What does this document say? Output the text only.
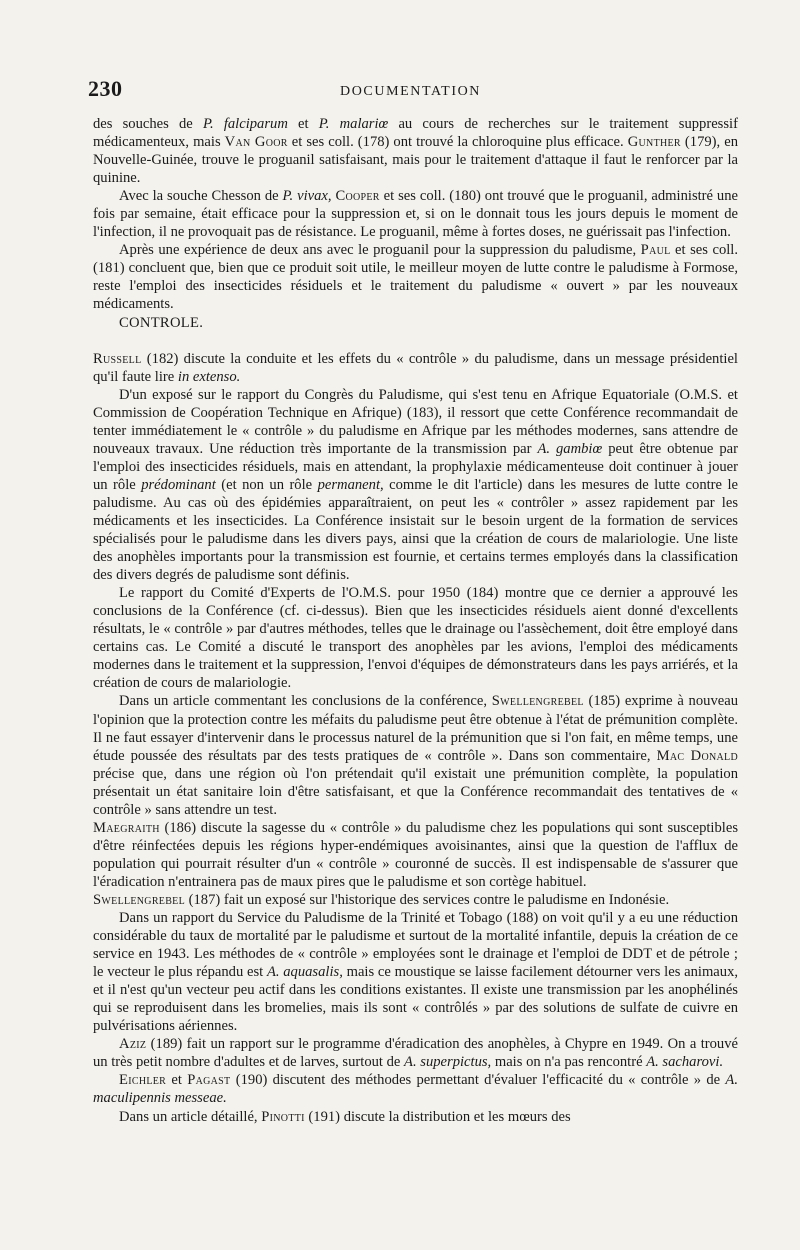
230	DOCUMENTATION

des souches de P. falciparum et P. malariœ au cours de recherches sur le traitement suppressif médicamenteux, mais Van Goor et ses coll. (178) ont trouvé la chloroquine plus efficace. Gunther (179), en Nouvelle-Guinée, trouve le proguanil satisfaisant, mais pour le traitement d'attaque il faut le renforcer par la quinine.

Avec la souche Chesson de P. vivax, Cooper et ses coll. (180) ont trouvé que le proguanil, administré une fois par semaine, était efficace pour la suppression et, si on le donnait tous les jours depuis le moment de l'infection, il ne provoquait pas de résistance. Le proguanil, même à fortes doses, ne guérissait pas l'infection.

Après une expérience de deux ans avec le proguanil pour la suppression du paludisme, Paul et ses coll. (181) concluent que, bien que ce produit soit utile, le meilleur moyen de lutte contre le paludisme à Formose, reste l'emploi des insecticides résiduels et le traitement du paludisme « ouvert » par les nouveaux médicaments.

CONTROLE.

Russell (182) discute la conduite et les effets du « contrôle » du paludisme, dans un message présidentiel qu'il faute lire in extenso.

D'un exposé sur le rapport du Congrès du Paludisme, qui s'est tenu en Afrique Equatoriale (O.M.S. et Commission de Coopération Technique en Afrique) (183), il ressort que cette Conférence recommandait de tenter immédiatement le « contrôle » du paludisme en Afrique par les méthodes modernes, sans attendre de nouveaux travaux. Une réduction très importante de la transmission par A. gambiœ peut être obtenue par l'emploi des insecticides résiduels, mais en attendant, la prophylaxie médicamenteuse doit continuer à jouer un rôle prédominant (et non un rôle permanent, comme le dit l'article) dans les mesures de lutte contre le paludisme. Au cas où des épidémies apparaîtraient, on peut les « contrôler » assez rapidement par les médicaments et les insecticides. La Conférence insistait sur le besoin urgent de la formation de services spécialisés pour le paludisme dans les divers pays, ainsi que la création de cours de malariologie. Une liste des anophèles importants pour la transmission est fournie, et certains termes employés dans la classification des divers degrés de paludisme sont définis.

Le rapport du Comité d'Experts de l'O.M.S. pour 1950 (184) montre que ce dernier a approuvé les conclusions de la Conférence (cf. ci-dessus). Bien que les insecticides résiduels aient donné d'excellents résultats, le « contrôle » par d'autres méthodes, telles que le drainage ou l'assèchement, doit être employé dans certains cas. Le Comité a discuté le transport des anophèles par les avions, l'emploi des médicaments modernes dans le traitement et la suppression, l'envoi d'équipes de démonstrateurs dans les pays arriérés, et la création de cours de malariologie.

Dans un article commentant les conclusions de la conférence, Swellengrebel (185) exprime à nouveau l'opinion que la protection contre les méfaits du paludisme peut être obtenue à l'état de prémunition complète. Il ne faut essayer d'intervenir dans le processus naturel de la prémunition que si l'on fait, en même temps, une étude poussée des résultats par des tests pratiques de « contrôle ». Dans son commentaire, Mac Donald précise que, dans une région où l'on prétendait qu'il existait une prémunition complète, la population présentait un état sanitaire loin d'être satisfaisant, et que la Conférence recommandait des tentatives de « contrôle » sans attendre un test.

Maegraith (186) discute la sagesse du « contrôle » du paludisme chez les populations qui sont susceptibles d'être réinfectées depuis les régions hyper-endémiques avoisinantes, ainsi que la question de l'afflux de population qui pourrait résulter d'un « contrôle » couronné de succès. Il est indispensable de s'assurer que l'éradication n'entrainera pas de maux pires que le paludisme et son cortège habituel.

Swellengrebel (187) fait un exposé sur l'historique des services contre le paludisme en Indonésie.

Dans un rapport du Service du Paludisme de la Trinité et Tobago (188) on voit qu'il y a eu une réduction considérable du taux de mortalité par le paludisme et surtout de la mortalité infantile, depuis la création de ce service en 1943. Les méthodes de « contrôle » employées sont le drainage et l'emploi de DDT et de pétrole ; le vecteur le plus répandu est A. aquasalis, mais ce moustique se laisse facilement détourner vers les animaux, et il n'est qu'un vecteur peu actif dans les conditions existantes. Il existe une transmission par les anophélinés qui se reproduisent dans les bromelies, mais ils sont « contrôlés » par des solutions de sulfate de cuivre en pulvérisations aériennes.

Aziz (189) fait un rapport sur le programme d'éradication des anophèles, à Chypre en 1949. On a trouvé un très petit nombre d'adultes et de larves, surtout de A. superpictus, mais on n'a pas rencontré A. sacharovi.

Eichler et Pagast (190) discutent des méthodes permettant d'évaluer l'efficacité du « contrôle » de A. maculipennis messeae.

Dans un article détaillé, Pinotti (191) discute la distribution et les mœurs des
